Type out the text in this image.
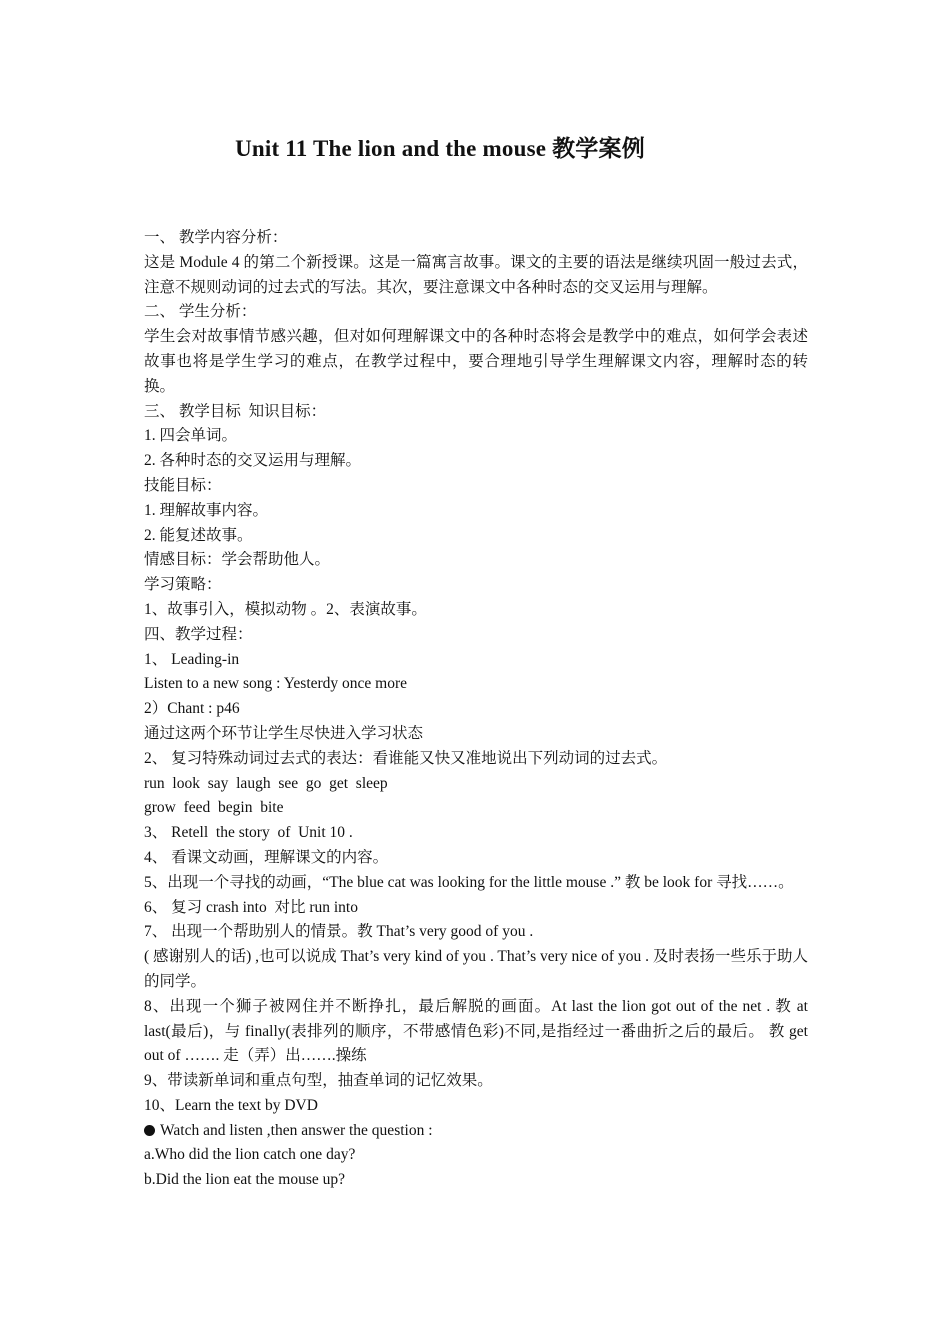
Unit 11 The lion and the mouse 教学案例

一、 教学内容分析：

这是 Module 4 的第二个新授课。这是一篇寓言故事。课文的主要的语法是继续巩固一般过去式，注意不规则动词的过去式的写法。其次，要注意课文中各种时态的交叉运用与理解。

二、 学生分析：

学生会对故事情节感兴趣，但对如何理解课文中的各种时态将会是教学中的难点，如何学会表述故事也将是学生学习的难点，在教学过程中，要合理地引导学生理解课文内容，理解时态的转换。

三、 教学目标  知识目标：

1. 四会单词。

2. 各种时态的交叉运用与理解。

技能目标：

1. 理解故事内容。

2. 能复述故事。

情感目标：学会帮助他人。

学习策略：

1、故事引入，模拟动物 。2、表演故事。

四、教学过程：

1、 Leading-in

Listen to a new song : Yesterdy once more

2）Chant : p46

通过这两个环节让学生尽快进入学习状态

2、 复习特殊动词过去式的表达：看谁能又快又准地说出下列动词的过去式。

run  look  say  laugh  see  go  get  sleep

grow  feed  begin  bite

3、 Retell  the story  of  Unit 10 .

4、 看课文动画，理解课文的内容。

5、出现一个寻找的动画，“The blue cat was looking for the little mouse .” 教 be look for 寻找……。

6、 复习 crash into  对比 run into

7、 出现一个帮助别人的情景。教 That’s very good of you .

( 感谢别人的话) ,也可以说成 That’s very kind of you . That’s very nice of you . 及时表扬一些乐于助人的同学。

8、出现一个狮子被网住并不断挣扎，最后解脱的画面。At last the lion got out of the net . 教 at last(最后)，与 finally(表排列的顺序，不带感情色彩)不同,是指经过一番曲折之后的最后。 教 get out of ……. 走（弄）出…….操练

9、带读新单词和重点句型，抽查单词的记忆效果。

10、Learn the text by DVD

Watch and listen ,then answer the question :

a.Who did the lion catch one day?

b.Did the lion eat the mouse up?
